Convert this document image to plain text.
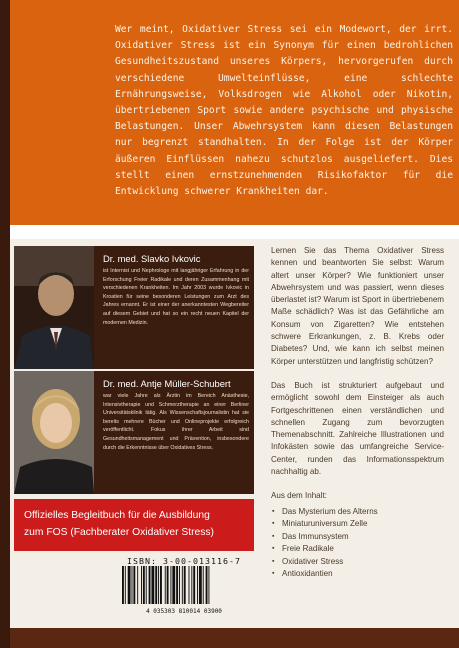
Wer meint, Oxidativer Stress sei ein Modewort, der irrt. Oxidativer Stress ist ein Synonym für einen bedrohlichen Gesundheitszustand unseres Körpers, hervorgerufen durch verschiedene Umwelteinflüsse, eine schlechte Ernährungsweise, Volksdrogen wie Alkohol oder Nikotin, übertriebenen Sport sowie andere psychische und physische Belastungen. Unser Abwehrsystem kann diesen Belastungen nur begrenzt standhalten. In der Folge ist der Körper äußeren Einflüssen nahezu schutzlos ausgeliefert. Dies stellt einen ernstzunehmenden Risikofaktor für die Entwicklung schwerer Krankheiten dar.
Dr. med. Slavko Ivkovic
ist Internist und Nephrologe mit langjähriger Erfahrung in der Erforschung Freier Radikale und deren Zusammenhang mit verschiedenen Krankheiten. Im Jahr 2003 wurde Ivkovic in Kroatien für seine besonderen Leistungen zum Arzt des Jahres ernannt. Er ist einer der anerkanntesten Wegbereiter auf diesem Gebiet und hat so ein recht neuen Kapitel der modernen Medizin.
Dr. med. Antje Müller-Schubert
war viele Jahre als Ärztin im Bereich Anästhesie, Intensivtherapie und Schmerztherapie an einer Berliner Universitätsklinik tätig. Als Wissenschaftsjournalistin hat sie bereits mehrere Bücher und Onlineprojekte erfolgreich veröffentlicht. Fokus ihrer Arbeit sind Gesundheitsmanagement und Prävention, insbesondere durch die Erkenntnisse über Oxidatives Stress.
Offizielles Begleitbuch für die Ausbildung
zum FOS (Fachberater Oxidativer Stress)
ISBN: 3-00-013116-7
4 035303 810014 03900

Lernen Sie das Thema Oxidativer Stress kennen und beantworten Sie selbst: Warum altert unser Körper? Wie funktioniert unser Abwehrsystem und was passiert, wenn dieses überlastet ist? Warum ist Sport in übertriebenem Maße schädlich? Was ist das Gefährliche am Konsum von Zigaretten? Wie entstehen schwere Erkrankungen, z. B. Krebs oder Diabetes? Und, wie kann ich selbst meinen Körper unterstützen und langfristig schützen?

Das Buch ist strukturiert aufgebaut und ermöglicht sowohl dem Einsteiger als auch Fortgeschrittenen einen verständlichen und schnellen Zugang zum bevorzugten Themenabschnitt. Zahlreiche Illustrationen und Infokästen sowie das umfangreiche Service-Center, runden das Informationsspektrum nachhaltig ab.

Aus dem Inhalt:
▪ Das Mysterium des Alterns
▪ Miniaturuniversum Zelle
▪ Das Immunsystem
▪ Freie Radikale
▪ Oxidativer Stress
▪ Antioxidantien
